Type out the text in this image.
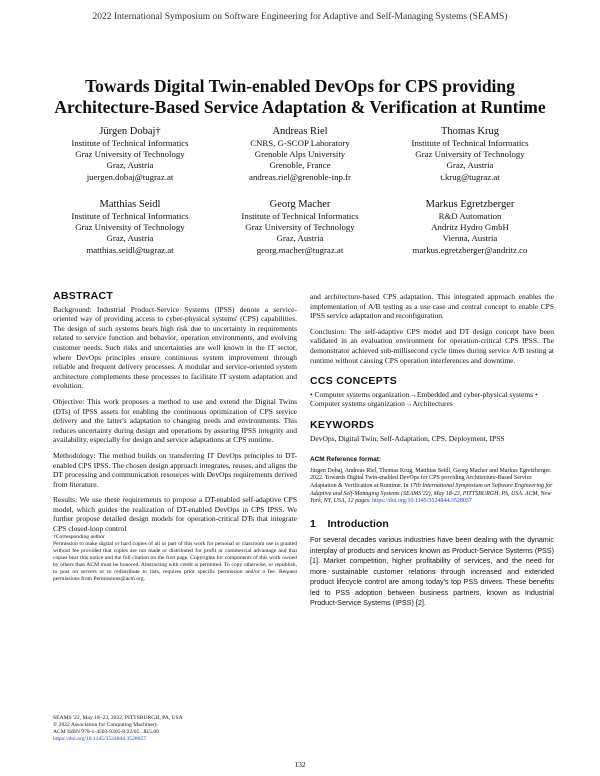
2022 International Symposium on Software Engineering for Adaptive and Self-Managing Systems (SEAMS)
Towards Digital Twin-enabled DevOps for CPS providing
Architecture-Based Service Adaptation & Verification at Runtime
Jürgen Dobaj†
Institute of Technical Informatics
Graz University of Technology
Graz, Austria
juergen.dobaj@tugraz.at
Andreas Riel
CNRS, G-SCOP Laboratory
Grenoble Alps University
Grenoble, France
andreas.riel@grenoble-inp.fr
Thomas Krug
Institute of Technical Informatics
Graz University of Technology
Graz, Austria
t.krug@tugraz.at
Matthias Seidl
Institute of Technical Informatics
Graz University of Technology
Graz, Austria
matthias.seidl@tugraz.at
Georg Macher
Institute of Technical Informatics
Graz University of Technology
Graz, Austria
georg.macher@tugraz.at
Markus Egretzberger
R&D Automation
Andritz Hydro GmbH
Vienna, Austria
markus.egretzberger@andritz.co
ABSTRACT

Background: Industrial Product-Service Systems (IPSS) denote a service-oriented way of providing access to cyber-physical systems' (CPS) capabilities. The design of such systems bears high risk due to uncertainty in requirements related to service function and behavior, operation environments, and evolving customer needs. Such risks and uncertainties are well known in the IT sector, where DevOps principles ensure continuous system improvement through reliable and frequent delivery processes. A modular and service-oriented system architecture complements these processes to facilitate IT system adaptation and evolution.

Objective: This work proposes a method to use and extend the Digital Twins (DTs) of IPSS assets for enabling the continuous optimization of CPS service delivery and the latter's adaptation to changing needs and environments. This reduces uncertainty during design and operations by assuring IPSS integrity and availability, especially for design and service adaptations at CPS runtime.

Methodology: The method builds on transferring IT DevOps principles to DT-enabled CPS IPSS. The chosen design approach integrates, reuses, and aligns the DT processing and communication resources with DevOps requirements derived from literature.

Results: We use these requirements to propose a DT-enabled self-adaptive CPS model, which guides the realization of DT-enabled DevOps in CPS IPSS. We further propose detailed design models for operation-critical DTs that integrate CPS closed-loop control

†Corresponding author
Permission to make digital or hard copies of all or part of this work for personal or classroom use is granted without fee provided that copies are not made or distributed for profit or commercial advantage and that copies bear this notice and the full citation on the first page. Copyrights for components of this work owned by others than ACM must be honored. Abstracting with credit is permitted. To copy otherwise, or republish, to post on servers or to redistribute to lists, requires prior specific permission and/or a fee. Request permissions from Permissions@acm.org.
SEAMS '22, May 18–23, 2022, PITTSBURGH, PA, USA
© 2022 Association for Computing Machinery.
ACM ISBN 978-1-4503-9305-8/22/05...$15.00
https://doi.org/10.1145/3524844.3528057

and architecture-based CPS adaptation. This integrated approach enables the implementation of A/B testing as a use case and central concept to enable CPS IPSS service adaptation and reconfiguration.

Conclusion: The self-adaptive CPS model and DT design concept have been validated in an evaluation environment for operation-critical CPS IPSS. The demonstrator achieved sub-millisecond cycle times during service A/B testing at runtime without causing CPS operation interferences and downtime.

CCS CONCEPTS

• Computer systems organization→Embedded and cyber-physical systems • Computer systems organization→Architectures

KEYWORDS

DevOps, Digital Twin, Self-Adaptation, CPS, Deployment, IPSS

ACM Reference format:
Jürgen Dobaj, Andreas Riel, Thomas Krug, Matthias Seidl, Georg Macher and Markus Egretzberger. 2022. Towards Digital Twin-enabled DevOps for CPS providing Architecture-Based Service Adaptation & Verification at Runtime. In 17th International Symposium on Software Engineering for Adaptive and Self-Managing Systems (SEAMS'22), May 18-23, PITTSBURGH, PA, USA. ACM, New York, NY, USA, 12 pages. https://doi.org/10.1145/3524844.3528057
1    Introduction
For several decades various industries have been dealing with the dynamic interplay of products and services known as Product-Service Systems (PSS) [1]. Market competition, higher profitability of services, and the need for more sustainable customer relations through increased and extended product lifecycle control are among today's top PSS drivers. These benefits led to PSS adoption between business partners, known as Industrial Product-Service Systems (IPSS) [2].
132
